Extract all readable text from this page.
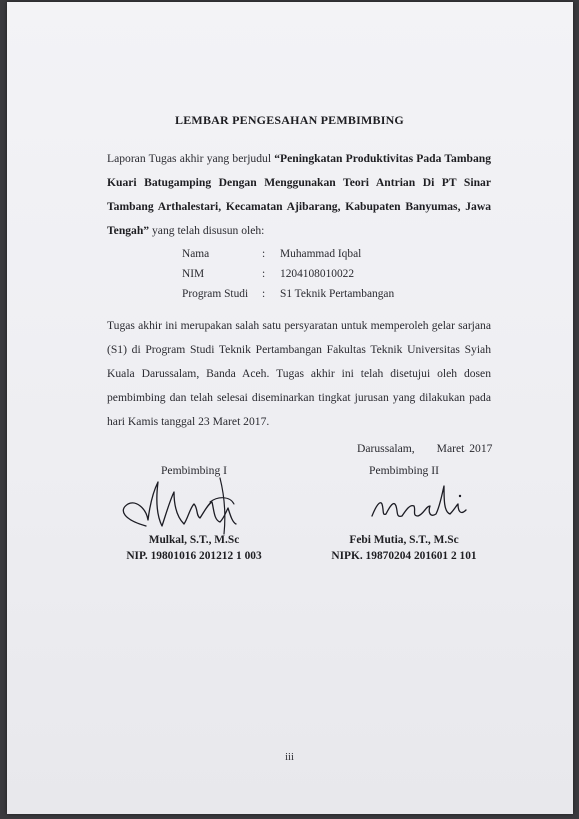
LEMBAR PENGESAHAN PEMBIMBING
Laporan Tugas akhir yang berjudul “Peningkatan Produktivitas Pada Tambang Kuari Batugamping Dengan Menggunakan Teori Antrian Di PT Sinar Tambang Arthalestari, Kecamatan Ajibarang, Kabupaten Banyumas, Jawa Tengah” yang telah disusun oleh:
Nama	:	Muhammad Iqbal
NIM	:	1204108010022
Program Studi	:	S1 Teknik Pertambangan
Tugas akhir ini merupakan salah satu persyaratan untuk memperoleh gelar sarjana (S1) di Program Studi Teknik Pertambangan Fakultas Teknik Universitas Syiah Kuala Darussalam, Banda Aceh. Tugas akhir ini telah disetujui oleh dosen pembimbing dan telah selesai diseminarkan tingkat jurusan yang dilakukan pada hari Kamis tanggal 23 Maret 2017.
Darussalam, Maret 2017
Pembimbing I
Mulkal, S.T., M.Sc
NIP. 19801016 201212 1 003
Pembimbing II
Febi Mutia, S.T., M.Sc
NIPK. 19870204 201601 2 101
iii
